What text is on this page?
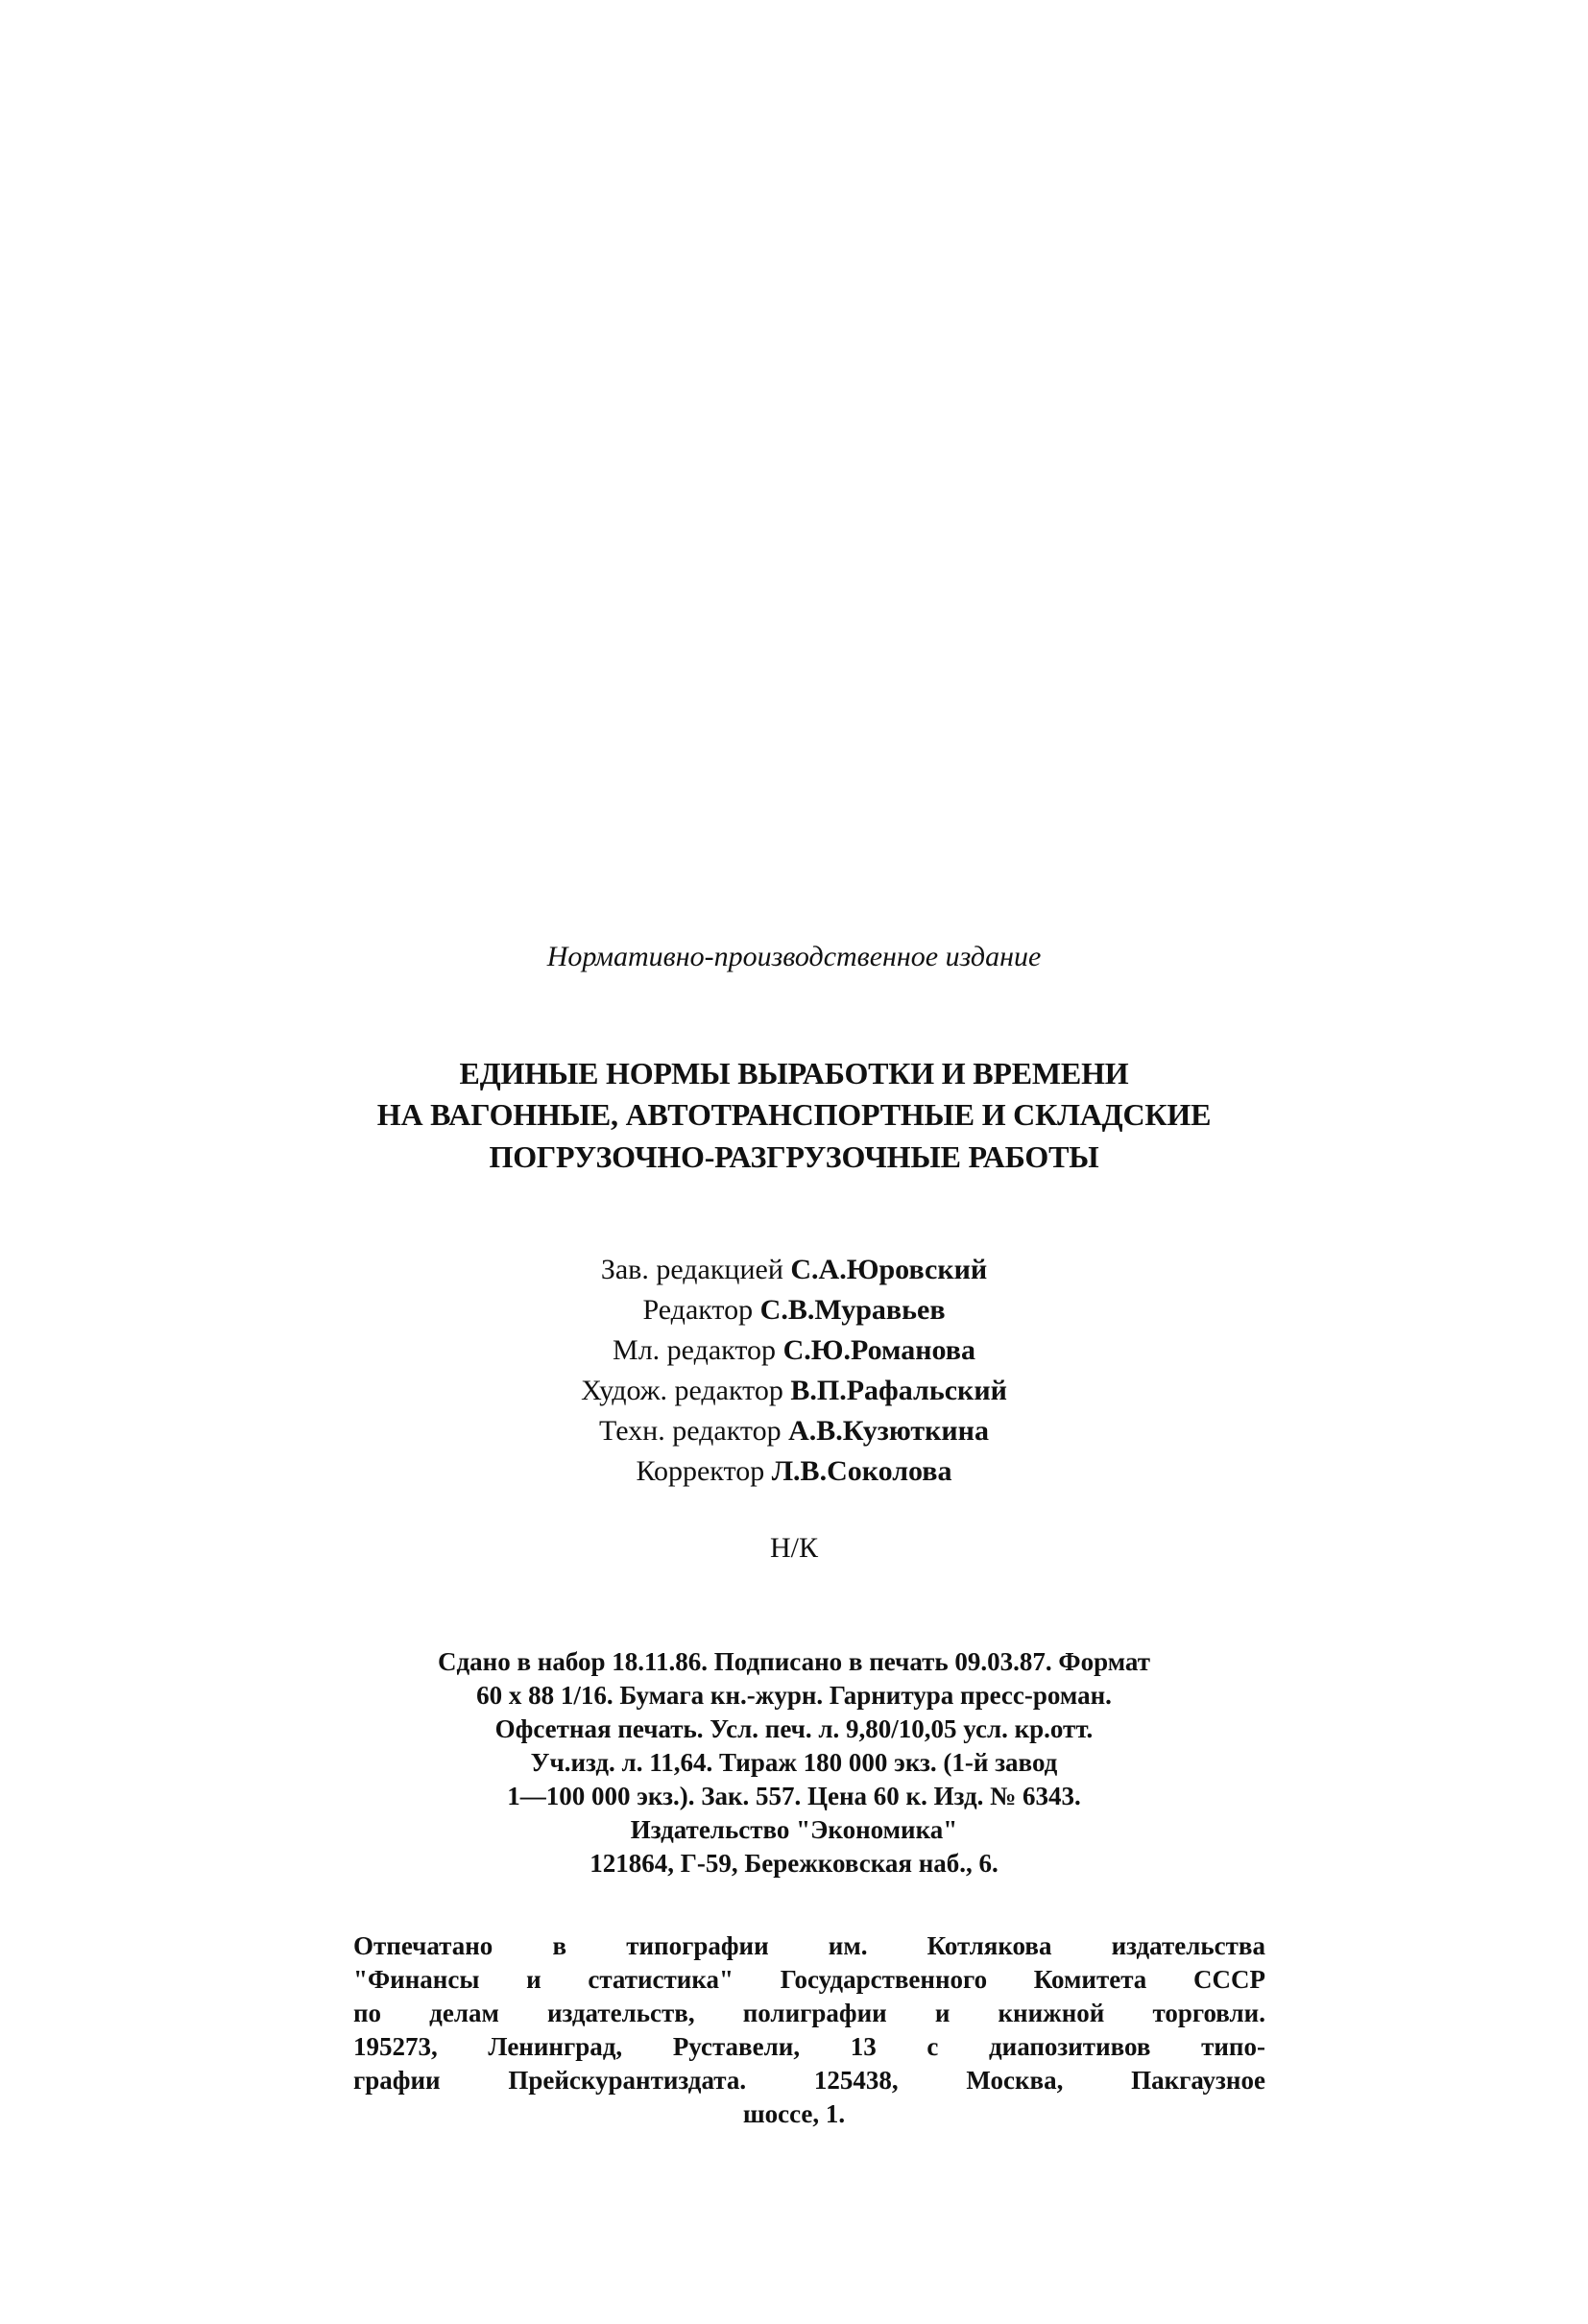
Нормативно-производственное издание
ЕДИНЫЕ НОРМЫ ВЫРАБОТКИ И ВРЕМЕНИ
НА ВАГОННЫЕ, АВТОТРАНСПОРТНЫЕ И СКЛАДСКИЕ
ПОГРУЗОЧНО-РАЗГРУЗОЧНЫЕ РАБОТЫ
Зав. редакцией С.А.Юровский
Редактор С.В.Муравьев
Мл. редактор С.Ю.Романова
Худож. редактор В.П.Рафальский
Техн. редактор А.В.Кузюткина
Корректор Л.В.Соколова
Н/К
Сдано в набор 18.11.86. Подписано в печать 09.03.87. Формат
60 х 88 1/16. Бумага кн.-журн. Гарнитура пресс-роман.
Офсетная печать. Усл. печ. л. 9,80/10,05 усл. кр.отт.
Уч.изд. л. 11,64. Тираж 180 000 экз. (1-й завод
1—100 000 экз.). Зак. 557. Цена 60 к. Изд. № 6343.
Издательство "Экономика"
121864, Г-59, Бережковская наб., 6.
Отпечатано в типографии им. Котлякова издательства
"Финансы и статистика" Государственного Комитета СССР
по делам издательств, полиграфии и книжной торговли.
195273, Ленинград, Руставели, 13 с диапозитивов типо-
графии	Прейскурантиздата.	125438,	Москва,	Пакгаузное
шоссе, 1.
